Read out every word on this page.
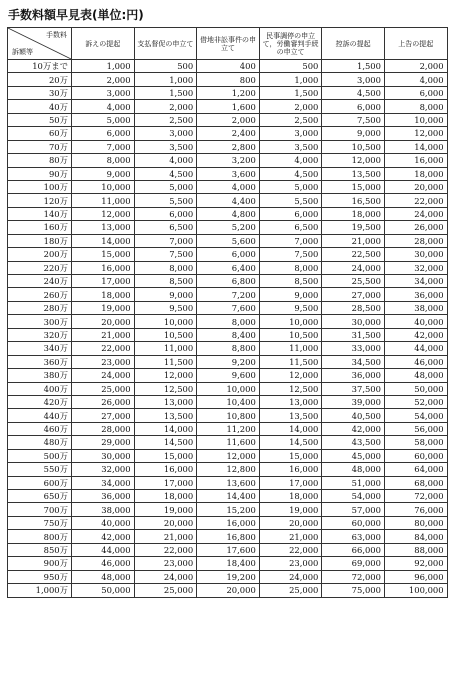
手数料額早見表(単位:円)
手数料
訴額等	訴えの提起	支払督促の申立て	借地非訟事件の申立て	民事調停の申立て，労働審判手続の申立て	控訴の提起	上告の提起
10万まで	1,000	500	400	500	1,500	2,000
20万	2,000	1,000	800	1,000	3,000	4,000
30万	3,000	1,500	1,200	1,500	4,500	6,000
40万	4,000	2,000	1,600	2,000	6,000	8,000
50万	5,000	2,500	2,000	2,500	7,500	10,000
60万	6,000	3,000	2,400	3,000	9,000	12,000
70万	7,000	3,500	2,800	3,500	10,500	14,000
80万	8,000	4,000	3,200	4,000	12,000	16,000
90万	9,000	4,500	3,600	4,500	13,500	18,000
100万	10,000	5,000	4,000	5,000	15,000	20,000
120万	11,000	5,500	4,400	5,500	16,500	22,000
140万	12,000	6,000	4,800	6,000	18,000	24,000
160万	13,000	6,500	5,200	6,500	19,500	26,000
180万	14,000	7,000	5,600	7,000	21,000	28,000
200万	15,000	7,500	6,000	7,500	22,500	30,000
220万	16,000	8,000	6,400	8,000	24,000	32,000
240万	17,000	8,500	6,800	8,500	25,500	34,000
260万	18,000	9,000	7,200	9,000	27,000	36,000
280万	19,000	9,500	7,600	9,500	28,500	38,000
300万	20,000	10,000	8,000	10,000	30,000	40,000
320万	21,000	10,500	8,400	10,500	31,500	42,000
340万	22,000	11,000	8,800	11,000	33,000	44,000
360万	23,000	11,500	9,200	11,500	34,500	46,000
380万	24,000	12,000	9,600	12,000	36,000	48,000
400万	25,000	12,500	10,000	12,500	37,500	50,000
420万	26,000	13,000	10,400	13,000	39,000	52,000
440万	27,000	13,500	10,800	13,500	40,500	54,000
460万	28,000	14,000	11,200	14,000	42,000	56,000
480万	29,000	14,500	11,600	14,500	43,500	58,000
500万	30,000	15,000	12,000	15,000	45,000	60,000
550万	32,000	16,000	12,800	16,000	48,000	64,000
600万	34,000	17,000	13,600	17,000	51,000	68,000
650万	36,000	18,000	14,400	18,000	54,000	72,000
700万	38,000	19,000	15,200	19,000	57,000	76,000
750万	40,000	20,000	16,000	20,000	60,000	80,000
800万	42,000	21,000	16,800	21,000	63,000	84,000
850万	44,000	22,000	17,600	22,000	66,000	88,000
900万	46,000	23,000	18,400	23,000	69,000	92,000
950万	48,000	24,000	19,200	24,000	72,000	96,000
1,000万	50,000	25,000	20,000	25,000	75,000	100,000
